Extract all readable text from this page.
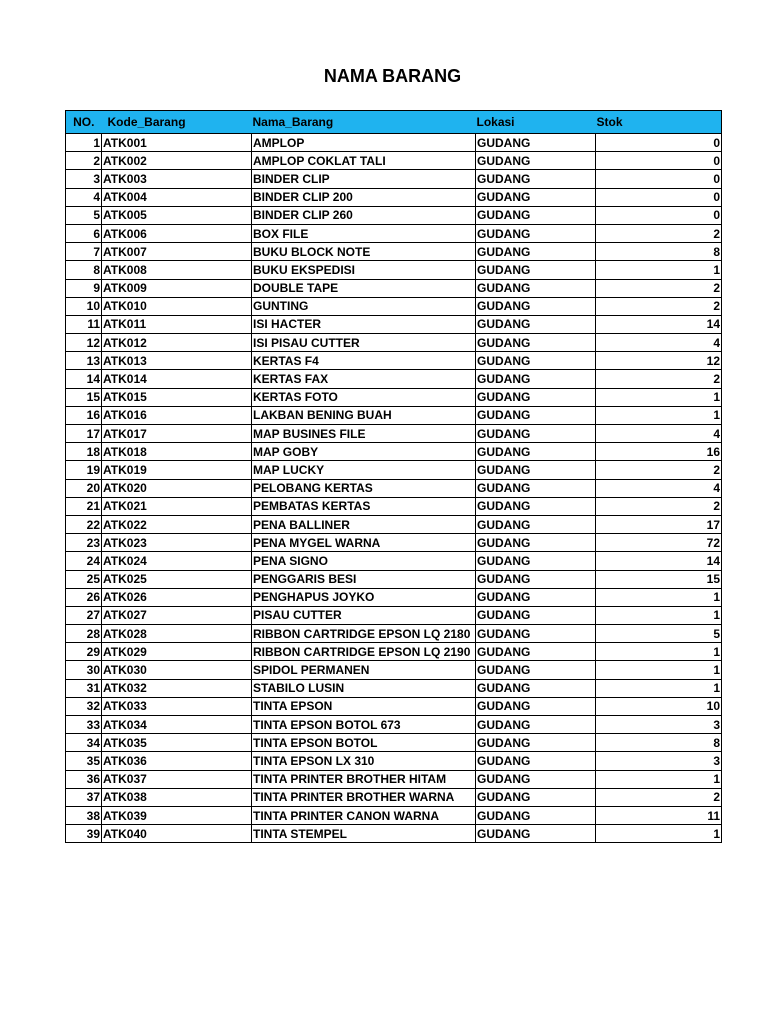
NAMA BARANG
NO.	Kode_Barang	Nama_Barang	Lokasi	Stok
1	ATK001	AMPLOP	GUDANG	0
2	ATK002	AMPLOP COKLAT TALI	GUDANG	0
3	ATK003	BINDER CLIP	GUDANG	0
4	ATK004	BINDER CLIP 200	GUDANG	0
5	ATK005	BINDER CLIP 260	GUDANG	0
6	ATK006	BOX FILE	GUDANG	2
7	ATK007	BUKU BLOCK NOTE	GUDANG	8
8	ATK008	BUKU EKSPEDISI	GUDANG	1
9	ATK009	DOUBLE TAPE	GUDANG	2
10	ATK010	GUNTING	GUDANG	2
11	ATK011	ISI HACTER	GUDANG	14
12	ATK012	ISI PISAU CUTTER	GUDANG	4
13	ATK013	KERTAS F4	GUDANG	12
14	ATK014	KERTAS FAX	GUDANG	2
15	ATK015	KERTAS FOTO	GUDANG	1
16	ATK016	LAKBAN BENING BUAH	GUDANG	1
17	ATK017	MAP BUSINES FILE	GUDANG	4
18	ATK018	MAP GOBY	GUDANG	16
19	ATK019	MAP LUCKY	GUDANG	2
20	ATK020	PELOBANG KERTAS	GUDANG	4
21	ATK021	PEMBATAS KERTAS	GUDANG	2
22	ATK022	PENA BALLINER	GUDANG	17
23	ATK023	PENA MYGEL WARNA	GUDANG	72
24	ATK024	PENA SIGNO	GUDANG	14
25	ATK025	PENGGARIS BESI	GUDANG	15
26	ATK026	PENGHAPUS JOYKO	GUDANG	1
27	ATK027	PISAU CUTTER	GUDANG	1
28	ATK028	RIBBON CARTRIDGE EPSON LQ 2180	GUDANG	5
29	ATK029	RIBBON CARTRIDGE EPSON LQ 2190	GUDANG	1
30	ATK030	SPIDOL PERMANEN	GUDANG	1
31	ATK032	STABILO LUSIN	GUDANG	1
32	ATK033	TINTA EPSON	GUDANG	10
33	ATK034	TINTA EPSON BOTOL 673	GUDANG	3
34	ATK035	TINTA EPSON BOTOL	GUDANG	8
35	ATK036	TINTA EPSON LX 310	GUDANG	3
36	ATK037	TINTA PRINTER BROTHER HITAM	GUDANG	1
37	ATK038	TINTA PRINTER BROTHER WARNA	GUDANG	2
38	ATK039	TINTA PRINTER CANON WARNA	GUDANG	11
39	ATK040	TINTA STEMPEL	GUDANG	1
